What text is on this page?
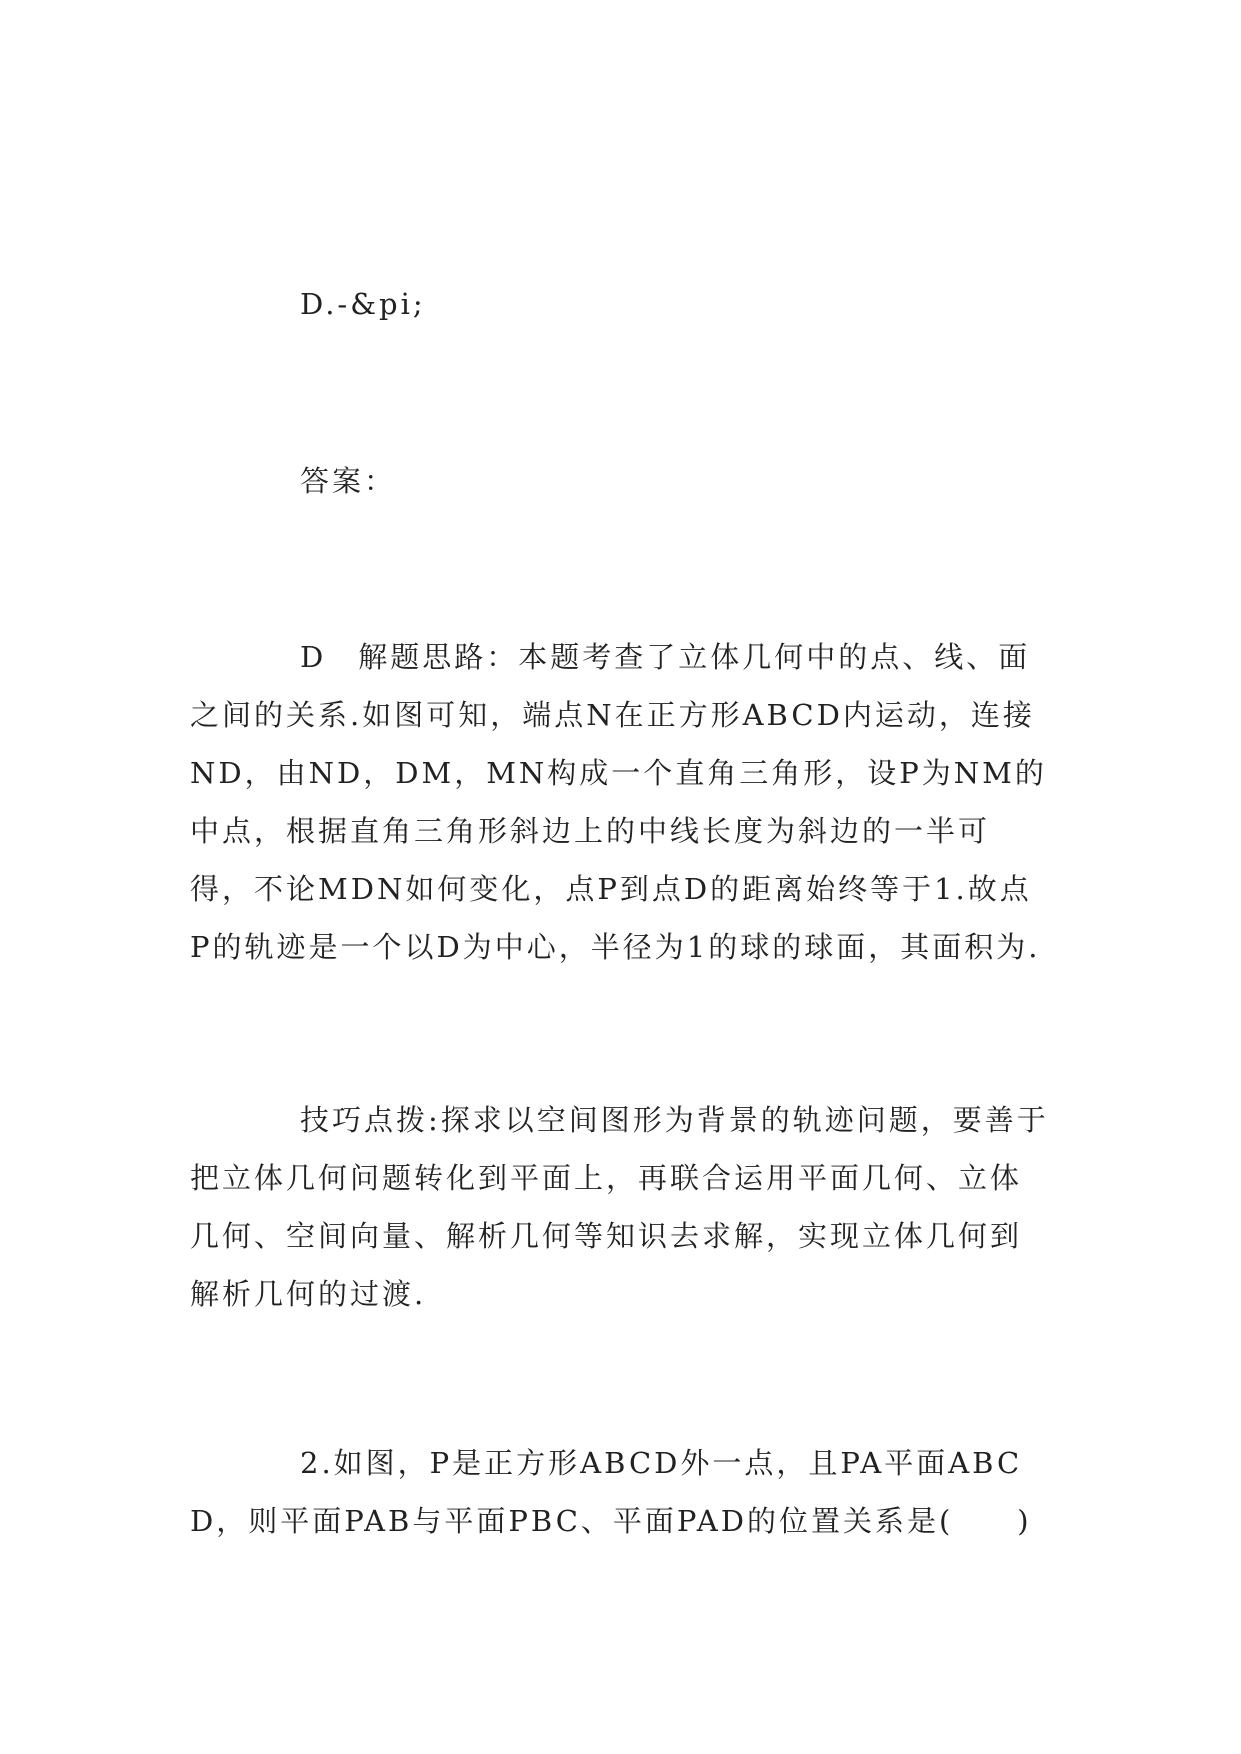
D.-&pi;

答案：

D　解题思路：本题考查了立体几何中的点、线、面之间的关系.如图可知，端点N在正方形ABCD内运动，连接ND，由ND，DM，MN构成一个直角三角形，设P为NM的中点，根据直角三角形斜边上的中线长度为斜边的一半可得，不论MDN如何变化，点P到点D的距离始终等于1.故点P的轨迹是一个以D为中心，半径为1的球的球面，其面积为.

技巧点拨:探求以空间图形为背景的轨迹问题，要善于把立体几何问题转化到平面上，再联合运用平面几何、立体几何、空间向量、解析几何等知识去求解，实现立体几何到解析几何的过渡.

2.如图，P是正方形ABCD外一点，且PA平面ABCD，则平面PAB与平面PBC、平面PAD的位置关系是(　　)
